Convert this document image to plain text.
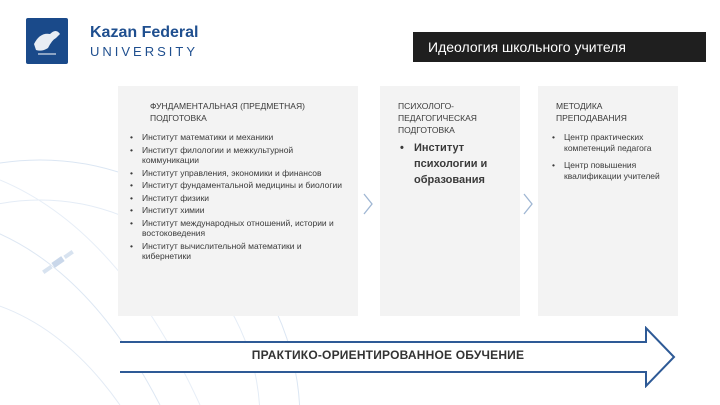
Kazan Federal
UNIVERSITY	Идеология школьного учителя
ФУНДАМЕНТАЛЬНАЯ (ПРЕДМЕТНАЯ) ПОДГОТОВКА
• Институт математики и механики
• Институт филологии и межкультурной коммуникации
• Институт управления, экономики и финансов
• Институт фундаментальной медицины и биологии
• Институт физики
• Институт химии
• Институт международных отношений, истории и востоковедения
• Институт вычислительной математики и кибернетики
ПСИХОЛОГО-ПЕДАГОГИЧЕСКАЯ ПОДГОТОВКА
• Институт психологии и образования
МЕТОДИКА ПРЕПОДАВАНИЯ
• Центр практических компетенций педагога
• Центр повышения квалификации учителей
ПРАКТИКО-ОРИЕНТИРОВАННОЕ ОБУЧЕНИЕ
